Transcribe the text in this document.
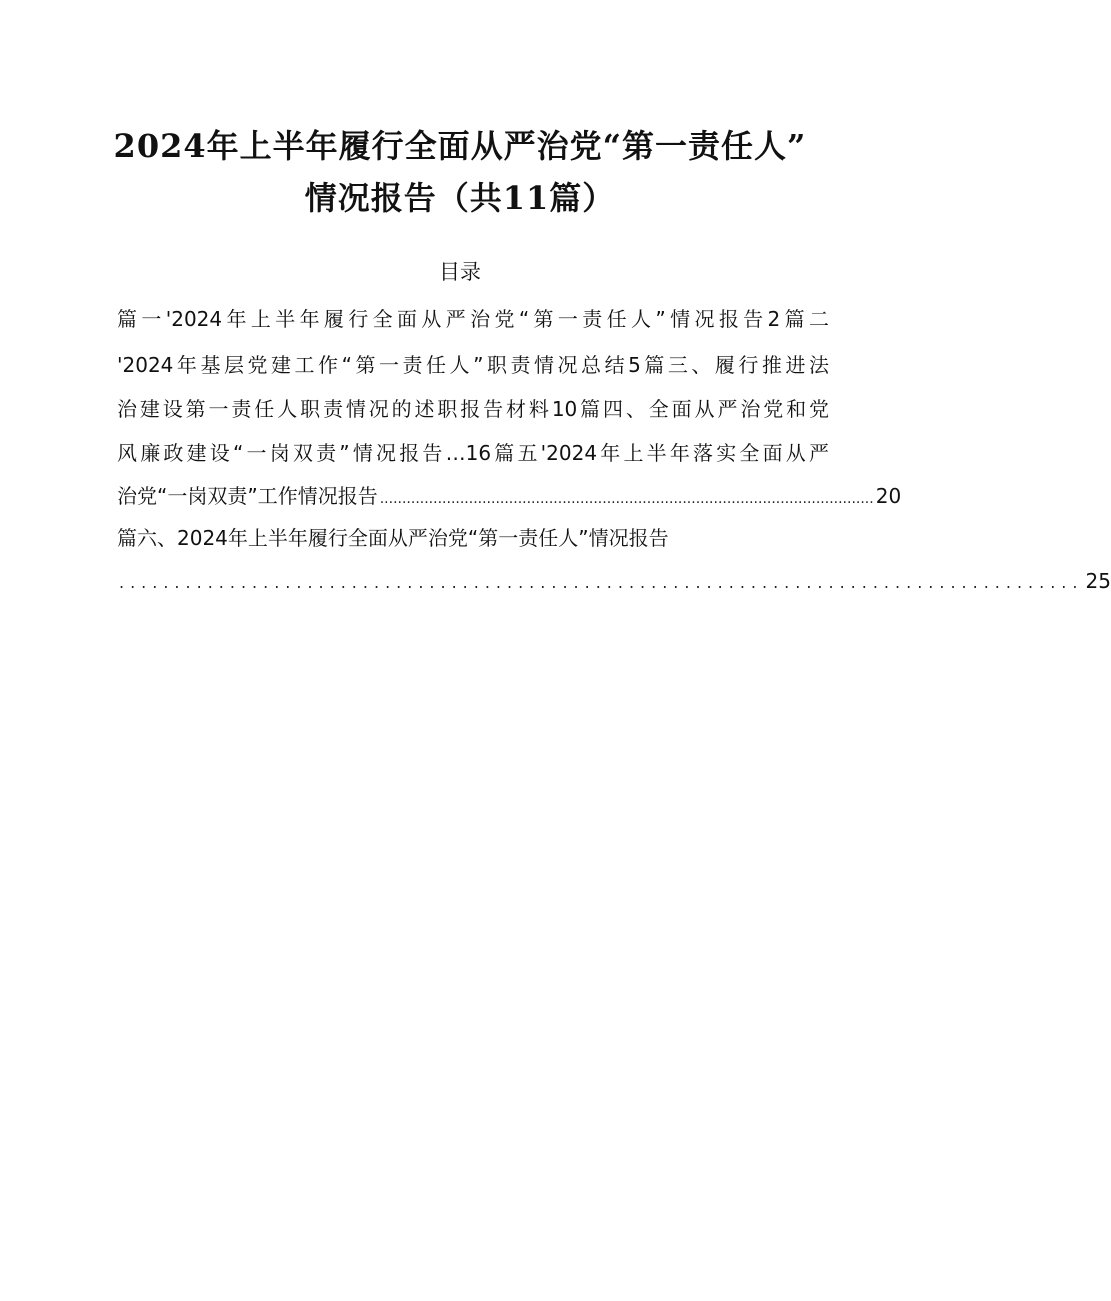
2024年上半年履行全面从严治党“第一责任人”
情况报告（共11篇）
目录
篇一'2024年上半年履行全面从严治党“第一责任人”情况报告2篇二
'2024年基层党建工作“第一责任人”职责情况总结5篇三、履行推进法
治建设第一责任人职责情况的述职报告材料10篇四、全面从严治党和党
风廉政建设“一岗双责”情况报告…16篇五'2024年上半年落实全面从严
治党“一岗双责”工作情况报告 ............................................................................................................... 20
篇六、2024年上半年履行全面从严治党“第一责任人”情况报告
....................................................................................... 25
